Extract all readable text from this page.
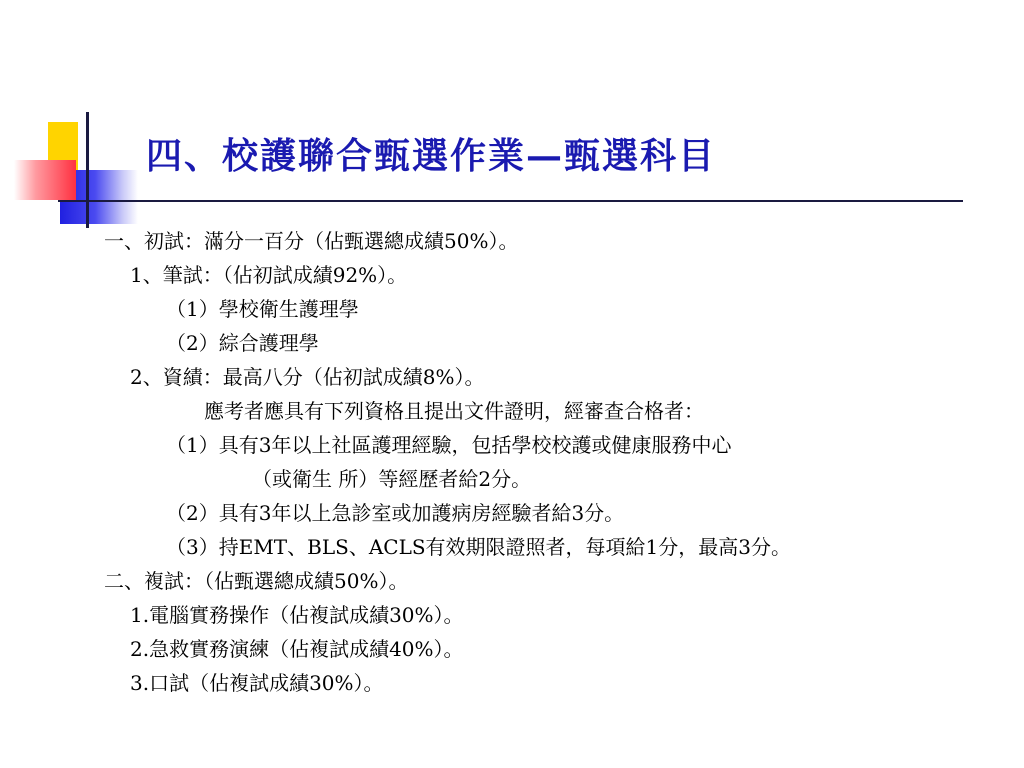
四、校護聯合甄選作業—甄選科目
一、初試：滿分一百分（佔甄選總成績50%）。
1、筆試：（佔初試成績92%）。
（1）學校衛生護理學
（2）綜合護理學
2、資績：最高八分（佔初試成績8%）。
應考者應具有下列資格且提出文件證明，經審查合格者：
（1）具有3年以上社區護理經驗，包括學校校護或健康服務中心
（或衛生 所）等經歷者給2分。
（2）具有3年以上急診室或加護病房經驗者給3分。
（3）持EMT、BLS、ACLS有效期限證照者，每項給1分，最高3分。
二、複試：（佔甄選總成績50%）。
1.電腦實務操作（佔複試成績30%）。
2.急救實務演練（佔複試成績40%）。
3.口試（佔複試成績30%）。
